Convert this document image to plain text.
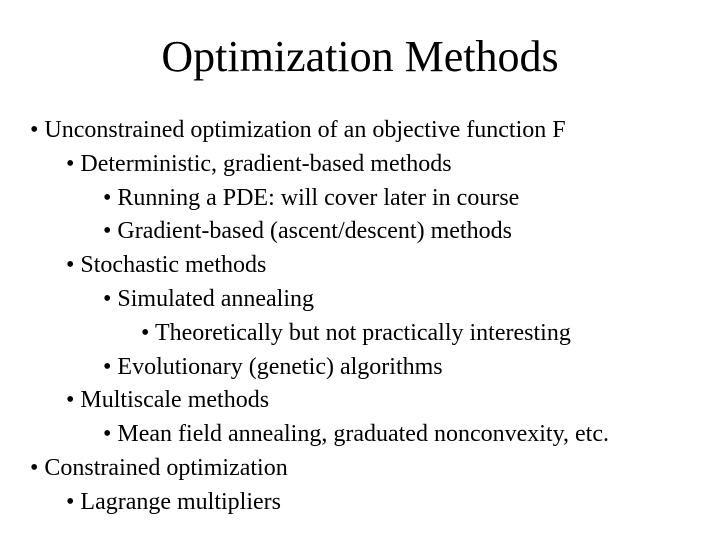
Optimization Methods
• Unconstrained optimization of an objective function F
• Deterministic, gradient-based methods
• Running a PDE: will cover later in course
• Gradient-based (ascent/descent) methods
• Stochastic methods
• Simulated annealing
• Theoretically but not practically interesting
• Evolutionary (genetic) algorithms
• Multiscale methods
• Mean field annealing, graduated nonconvexity, etc.
• Constrained optimization
• Lagrange multipliers
